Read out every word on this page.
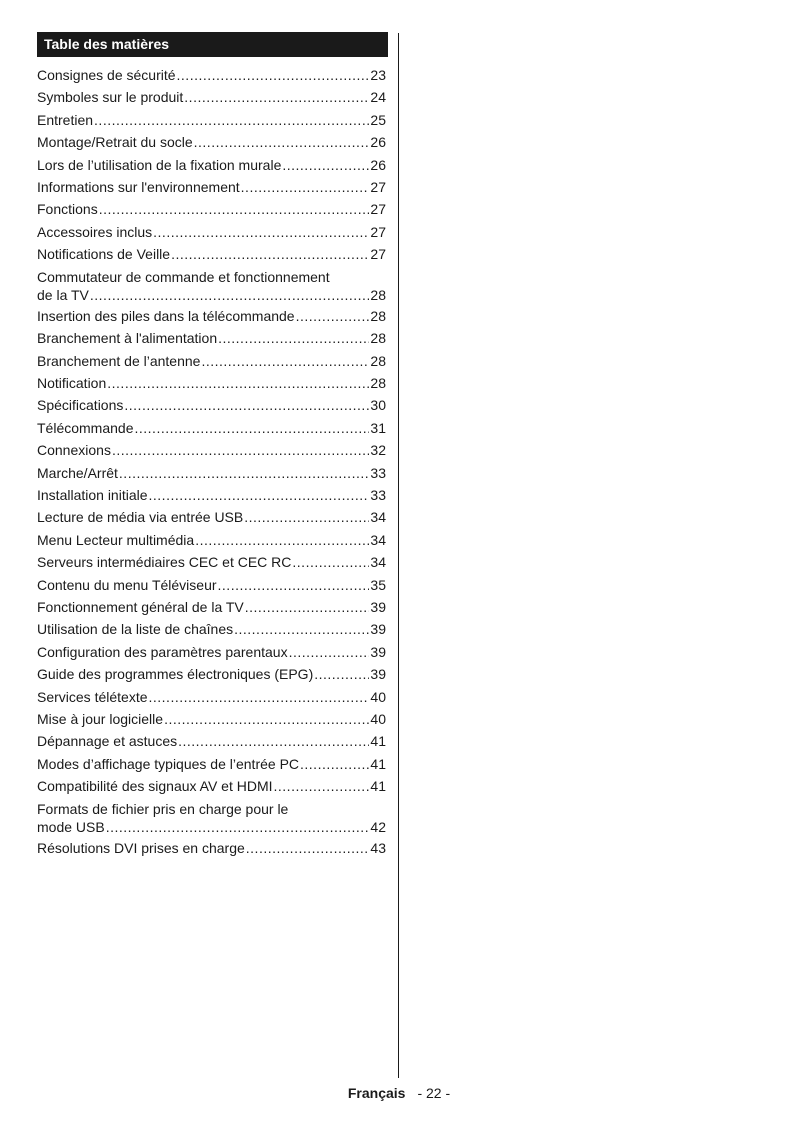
Table des matières
Consignes de sécurité .....	23
Symboles sur le produit .....	24
Entretien .....	25
Montage/Retrait du socle .....	26
Lors de l’utilisation de la fixation murale .....	26
Informations sur l'environnement .....	27
Fonctions .....	27
Accessoires inclus .....	27
Notifications de Veille .....	27
Commutateur de commande et fonctionnement
de la TV .....	28
Insertion des piles dans la télécommande .....	28
Branchement à l'alimentation .....	28
Branchement de l’antenne .....	28
Notification .....	28
Spécifications .....	30
Télécommande .....	31
Connexions .....	32
Marche/Arrêt .....	33
Installation initiale .....	33
Lecture de média via entrée USB .....	34
Menu Lecteur multimédia .....	34
Serveurs intermédiaires CEC et CEC RC .....	34
Contenu du menu Téléviseur .....	35
Fonctionnement général de la TV .....	39
Utilisation de la liste de chaînes .....	39
Configuration des paramètres parentaux .....	39
Guide des programmes électroniques (EPG) .....	39
Services télétexte .....	40
Mise à jour logicielle .....	40
Dépannage et astuces .....	41
Modes d’affichage typiques de l’entrée PC .....	41
Compatibilité des signaux AV et HDMI .....	41
Formats de fichier pris en charge pour le
mode USB .....	42
Résolutions DVI prises en charge .....	43
Français - 22 -
